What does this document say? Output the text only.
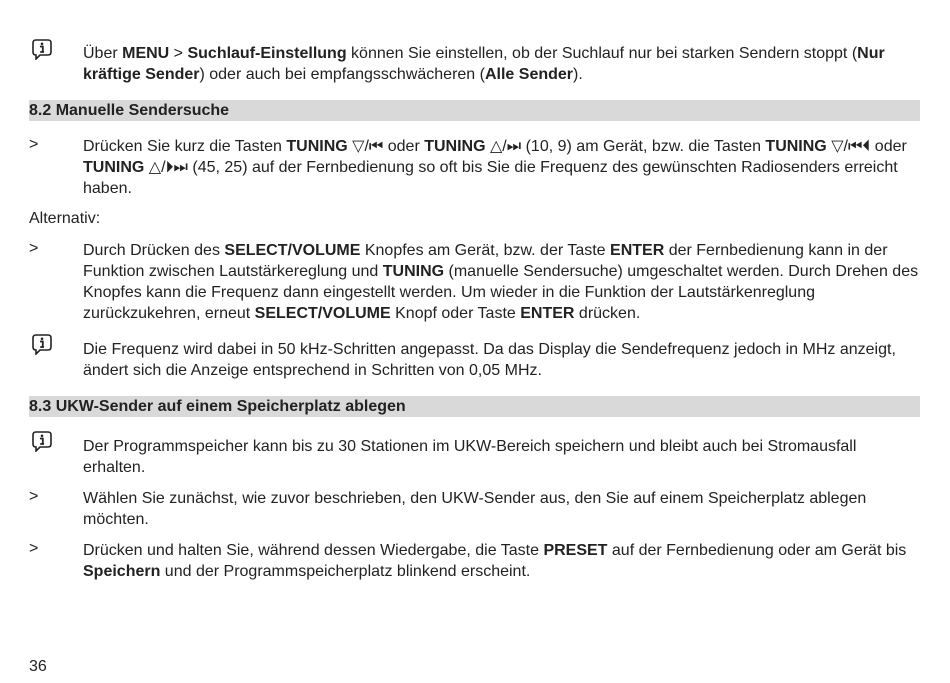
Über MENU > Suchlauf-Einstellung können Sie einstellen, ob der Suchlauf nur bei starken Sendern stoppt (Nur kräftige Sender) oder auch bei empfangsschwächeren (Alle Sender).
8.2 Manuelle Sendersuche
>	Drücken Sie kurz die Tasten TUNING ▽/⏮ oder TUNING △/⏭ (10, 9) am Gerät, bzw. die Tasten TUNING ▽/⏮⏴ oder TUNING △/⏵⏭ (45, 25) auf der Fernbedienung so oft bis Sie die Frequenz des gewünschten Radiosenders erreicht haben.
Alternativ:
>	Durch Drücken des SELECT/VOLUME Knopfes am Gerät, bzw. der Taste ENTER der Fernbedienung kann in der Funktion zwischen Lautstärkereglung und TUNING (manuelle Sendersuche) umgeschaltet werden. Durch Drehen des Knopfes kann die Frequenz dann eingestellt werden. Um wieder in die Funktion der Lautstärkenreglung zurückzukehren, erneut SELECT/VOLUME Knopf oder Taste ENTER drücken.
Die Frequenz wird dabei in 50 kHz-Schritten angepasst. Da das Display die Sendefrequenz jedoch in MHz anzeigt, ändert sich die Anzeige entsprechend in Schritten von 0,05 MHz.
8.3 UKW-Sender auf einem Speicherplatz ablegen
Der Programmspeicher kann bis zu 30 Stationen im UKW-Bereich speichern und bleibt auch bei Stromausfall erhalten.
>	Wählen Sie zunächst, wie zuvor beschrieben, den UKW-Sender aus, den Sie auf einem Speicherplatz ablegen möchten.
>	Drücken und halten Sie, während dessen Wiedergabe, die Taste PRESET auf der Fernbedienung oder am Gerät bis Speichern und der Programmspeicherplatz blinkend erscheint.
36
